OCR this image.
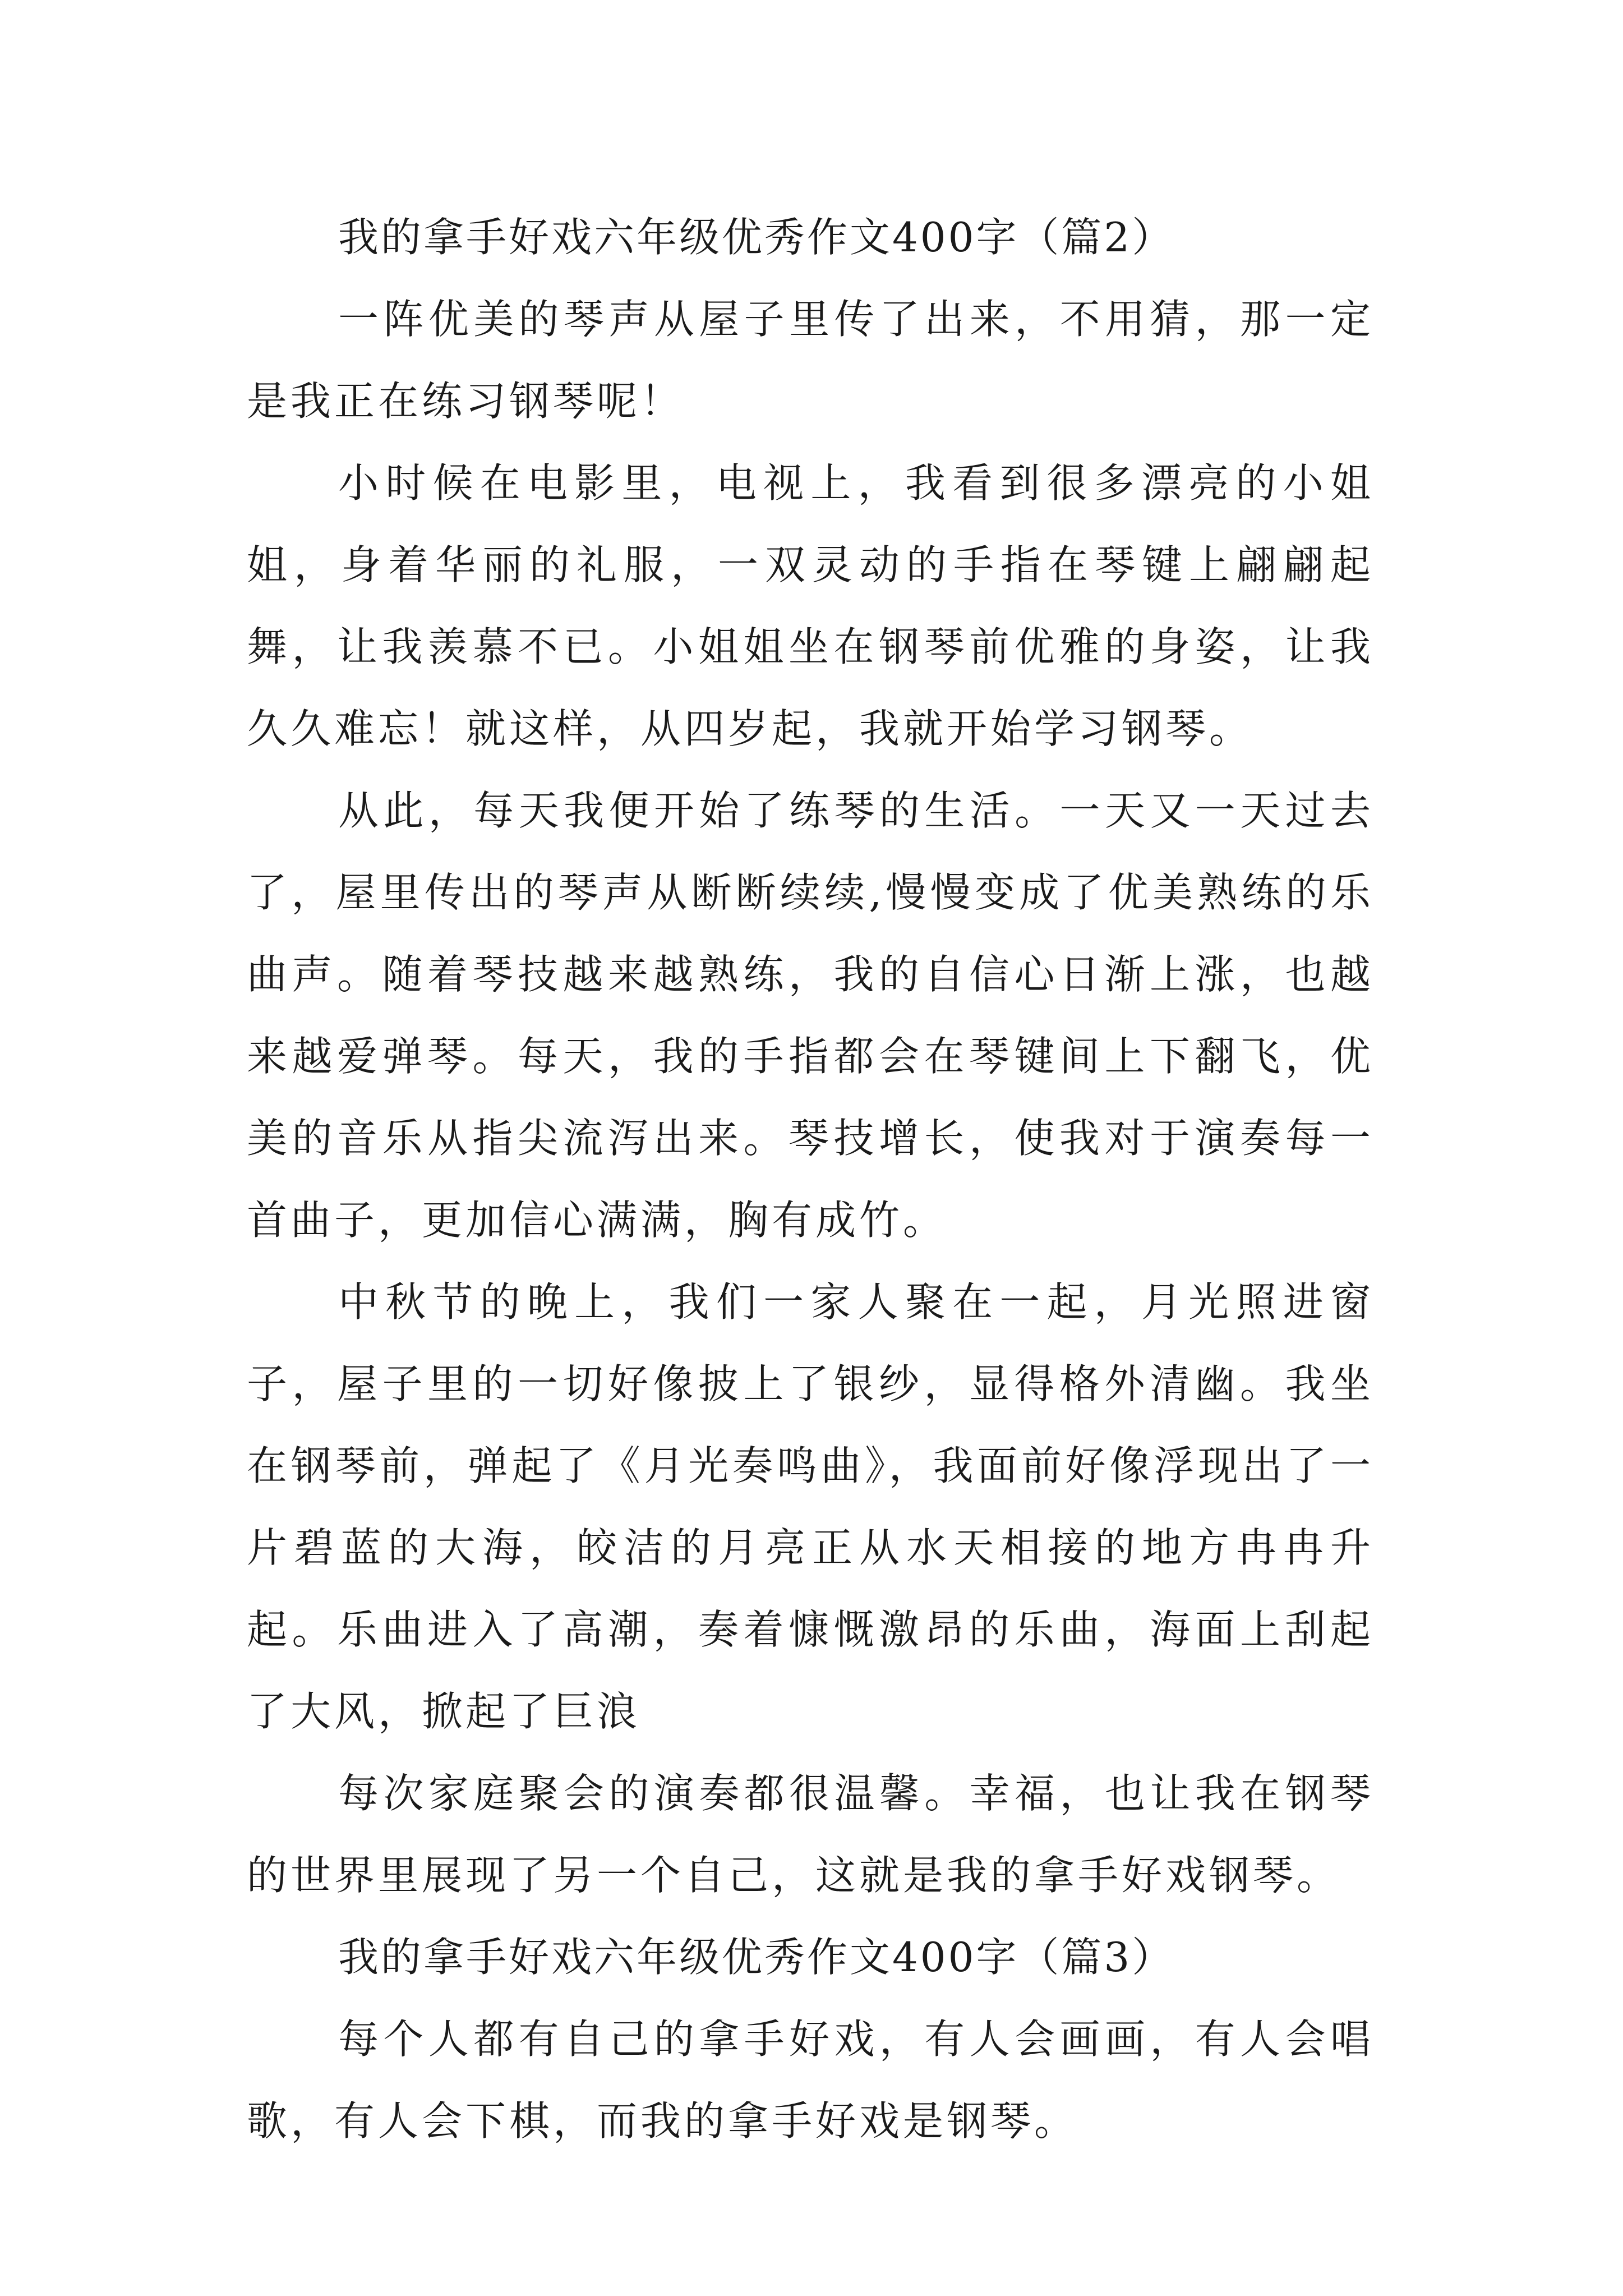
我的拿手好戏六年级优秀作文400字（篇2）

一阵优美的琴声从屋子里传了出来，不用猜，那一定是我正在练习钢琴呢！

小时候在电影里，电视上，我看到很多漂亮的小姐姐，身着华丽的礼服，一双灵动的手指在琴键上翩翩起舞，让我羡慕不已。小姐姐坐在钢琴前优雅的身姿，让我久久难忘！就这样，从四岁起，我就开始学习钢琴。

从此，每天我便开始了练琴的生活。一天又一天过去了，屋里传出的琴声从断断续续,慢慢变成了优美熟练的乐曲声。随着琴技越来越熟练，我的自信心日渐上涨，也越来越爱弹琴。每天，我的手指都会在琴键间上下翻飞，优美的音乐从指尖流泻出来。琴技增长，使我对于演奏每一首曲子，更加信心满满，胸有成竹。

中秋节的晚上，我们一家人聚在一起，月光照进窗子，屋子里的一切好像披上了银纱，显得格外清幽。我坐在钢琴前，弹起了《月光奏鸣曲》，我面前好像浮现出了一片碧蓝的大海，皎洁的月亮正从水天相接的地方冉冉升起。乐曲进入了高潮，奏着慷慨激昂的乐曲，海面上刮起了大风，掀起了巨浪

每次家庭聚会的演奏都很温馨。幸福，也让我在钢琴的世界里展现了另一个自己，这就是我的拿手好戏钢琴。

我的拿手好戏六年级优秀作文400字（篇3）

每个人都有自己的拿手好戏，有人会画画，有人会唱歌，有人会下棋，而我的拿手好戏是钢琴。
